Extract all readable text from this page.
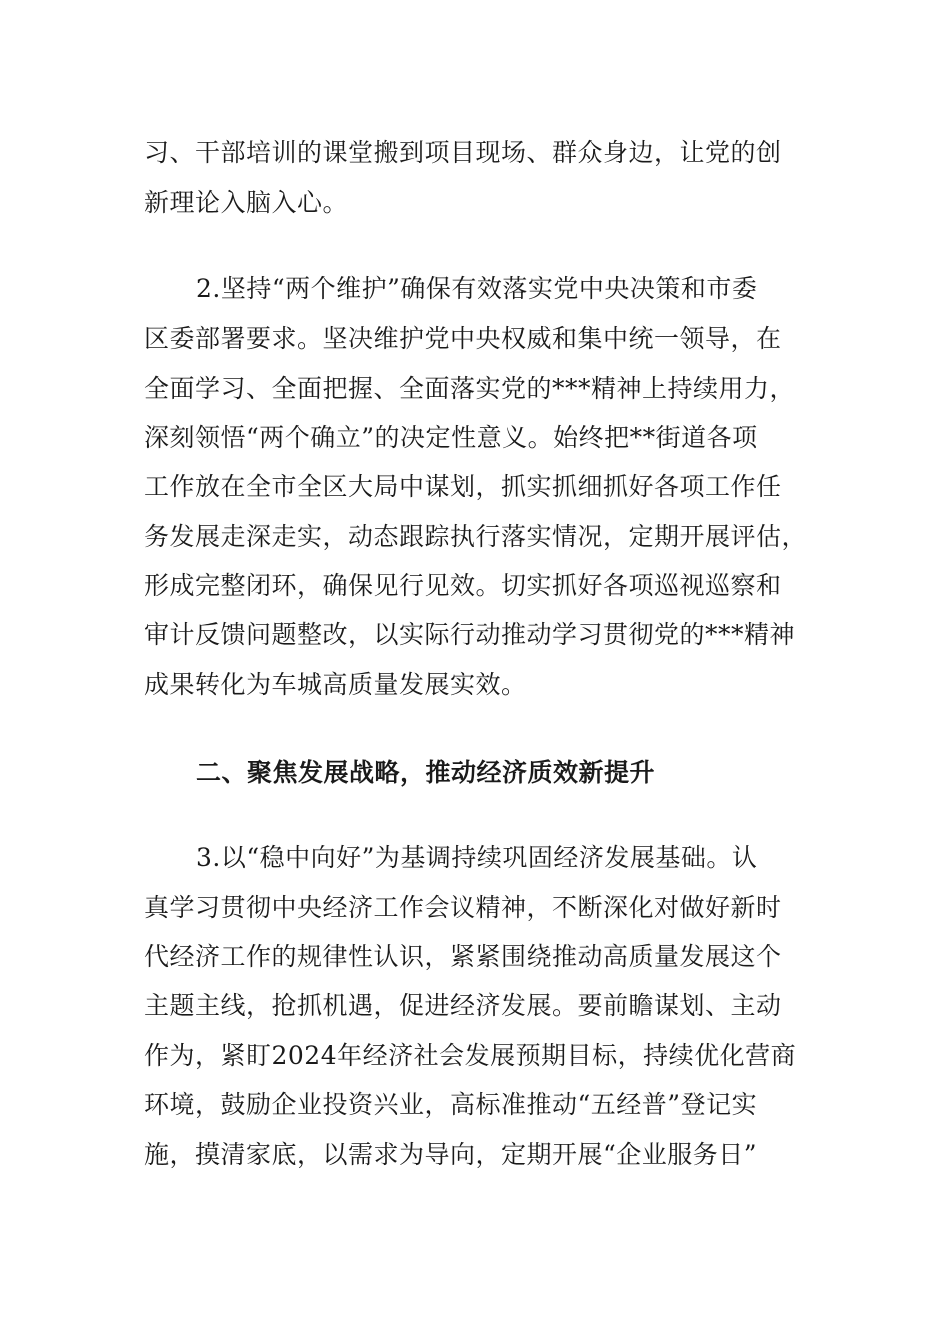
习、干部培训的课堂搬到项目现场、群众身边，让党的创
新理论入脑入心。
2.坚持“两个维护”确保有效落实党中央决策和市委
区委部署要求。坚决维护党中央权威和集中统一领导，在
全面学习、全面把握、全面落实党的***精神上持续用力，
深刻领悟“两个确立”的决定性意义。始终把**街道各项
工作放在全市全区大局中谋划，抓实抓细抓好各项工作任
务发展走深走实，动态跟踪执行落实情况，定期开展评估，
形成完整闭环，确保见行见效。切实抓好各项巡视巡察和
审计反馈问题整改，以实际行动推动学习贯彻党的***精神
成果转化为车城高质量发展实效。
二、聚焦发展战略，推动经济质效新提升
3.以“稳中向好”为基调持续巩固经济发展基础。认
真学习贯彻中央经济工作会议精神，不断深化对做好新时
代经济工作的规律性认识，紧紧围绕推动高质量发展这个
主题主线，抢抓机遇，促进经济发展。要前瞻谋划、主动
作为，紧盯2024年经济社会发展预期目标，持续优化营商
环境，鼓励企业投资兴业，高标准推动“五经普”登记实
施，摸清家底，以需求为导向，定期开展“企业服务日”
